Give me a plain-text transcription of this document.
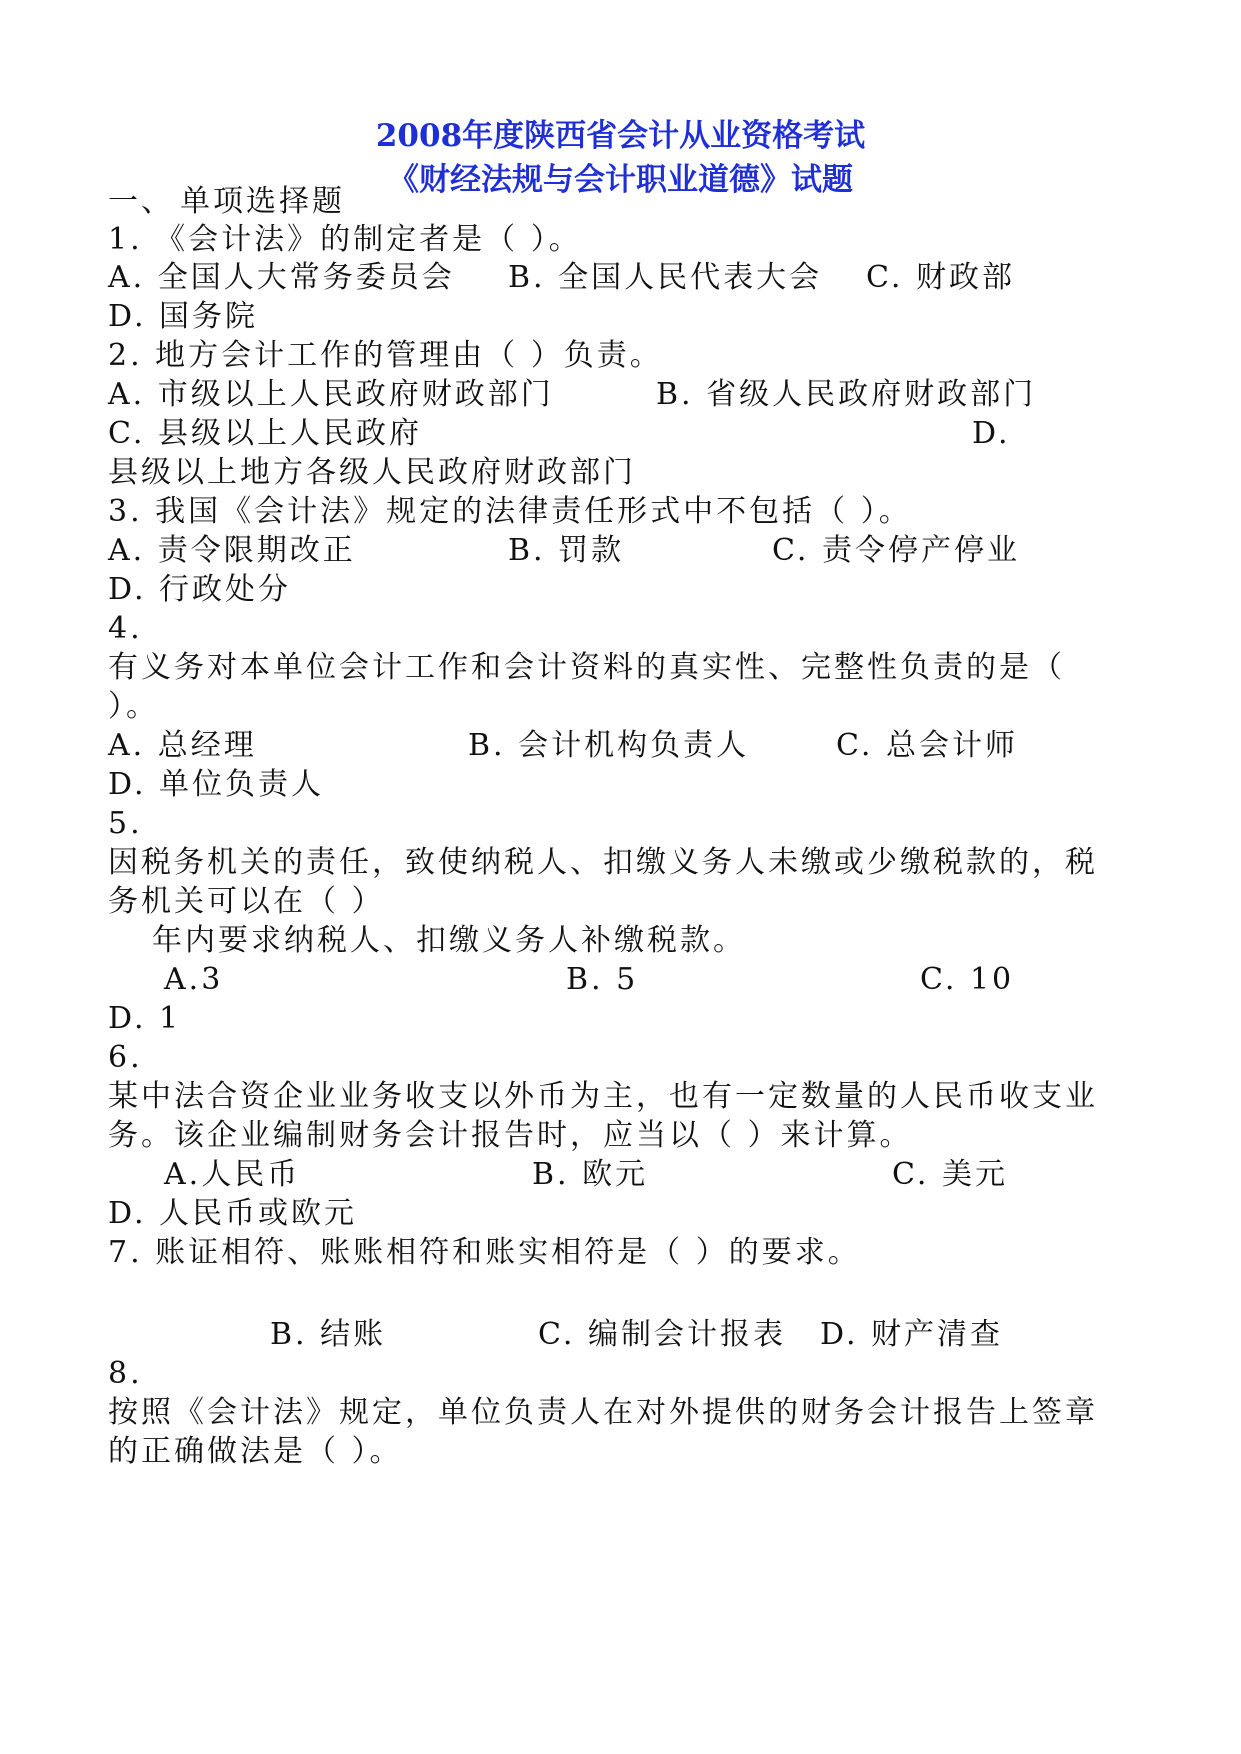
2008年度陕西省会计从业资格考试
《财经法规与会计职业道德》试题
一、 单项选择题
1. 《会计法》的制定者是（ ）。
A. 全国人大常务委员会 B. 全国人民代表大会 C. 财政部
D. 国务院
2. 地方会计工作的管理由（ ）负责。
A. 市级以上人民政府财政部门	B. 省级人民政府财政部门
C. 县级以上人民政府	D.
县级以上地方各级人民政府财政部门
3. 我国《会计法》规定的法律责任形式中不包括（ ）。
A. 责令限期改正	B. 罚款	C. 责令停产停业
D. 行政处分
4.
有义务对本单位会计工作和会计资料的真实性、完整性负责的是（
）。
A. 总经理	B. 会计机构负责人	C. 总会计师
D. 单位负责人
5.
因税务机关的责任，致使纳税人、扣缴义务人未缴或少缴税款的，税
务机关可以在（ ）
年内要求纳税人、扣缴义务人补缴税款。
A.3	B. 5	C. 10
D. 1
6.
某中法合资企业业务收支以外币为主，也有一定数量的人民币收支业
务。该企业编制财务会计报告时，应当以（ ）来计算。
A.人民币	B. 欧元	C. 美元
D. 人民币或欧元
7. 账证相符、账账相符和账实相符是（ ）的要求。
B. 结账	C. 编制会计报表 D. 财产清查
8.
按照《会计法》规定，单位负责人在对外提供的财务会计报告上签章
的正确做法是（ ）。
